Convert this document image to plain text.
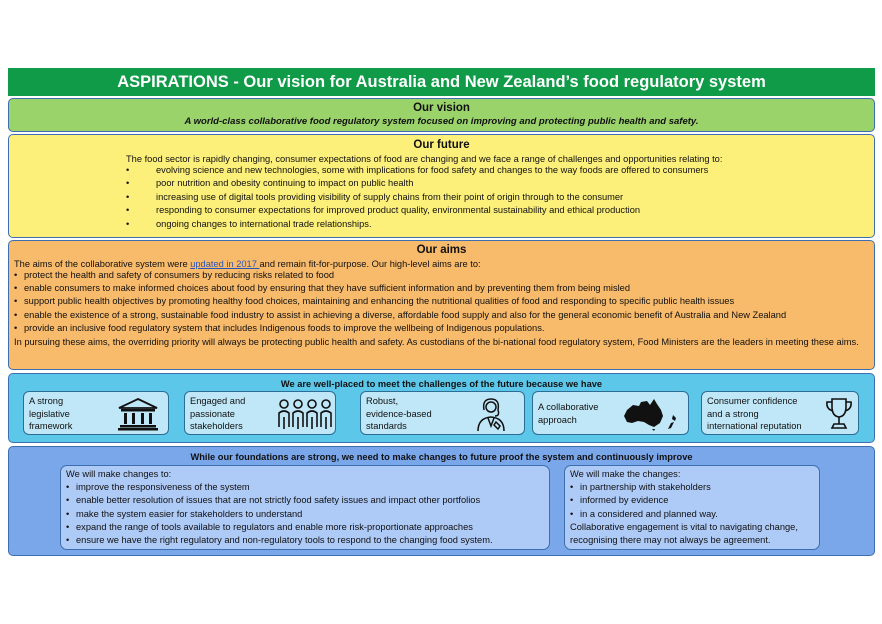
ASPIRATIONS - Our vision for Australia and New Zealand’s food regulatory system
Our vision
A world-class collaborative food regulatory system focused on improving and protecting public health and safety.
Our future
The food sector is rapidly changing, consumer expectations of food are changing and we face a range of challenges and opportunities relating to:
• evolving science and new technologies, some with implications for food safety and changes to the way foods are offered to consumers
• poor nutrition and obesity continuing to impact on public health
• increasing use of digital tools providing visibility of supply chains from their point of origin through to the consumer
• responding to consumer expectations for improved product quality, environmental sustainability and ethical production
• ongoing changes to international trade relationships.
Our aims
The aims of the collaborative system were updated in 2017 and remain fit-for-purpose. Our high-level aims are to:
• protect the health and safety of consumers by reducing risks related to food
• enable consumers to make informed choices about food by ensuring that they have sufficient information and by preventing them from being misled
• support public health objectives by promoting healthy food choices, maintaining and enhancing the nutritional qualities of food and responding to specific public health issues
• enable the existence of a strong, sustainable food industry to assist in achieving a diverse, affordable food supply and also for the general economic benefit of Australia and New Zealand
• provide an inclusive food regulatory system that includes Indigenous foods to improve the wellbeing of Indigenous populations.
In pursuing these aims, the overriding priority will always be protecting public health and safety. As custodians of the bi-national food regulatory system, Food Ministers are the leaders in meeting these aims.
We are well-placed to meet the challenges of the future because we have
A strong
legislative
framework
Engaged and
passionate
stakeholders
Robust,
evidence-based
standards
A collaborative
approach
Consumer confidence
and a strong
international reputation
While our foundations are strong, we need to make changes to future proof the system and continuously improve
We will make changes to:
• improve the responsiveness of the system
• enable better resolution of issues that are not strictly food safety issues and impact other portfolios
• make the system easier for stakeholders to understand
• expand the range of tools available to regulators and enable more risk-proportionate approaches
• ensure we have the right regulatory and non-regulatory tools to respond to the changing food system.
We will make the changes:
• in partnership with stakeholders
• informed by evidence
• in a considered and planned way.
Collaborative engagement is vital to navigating change, recognising there may not always be agreement.
